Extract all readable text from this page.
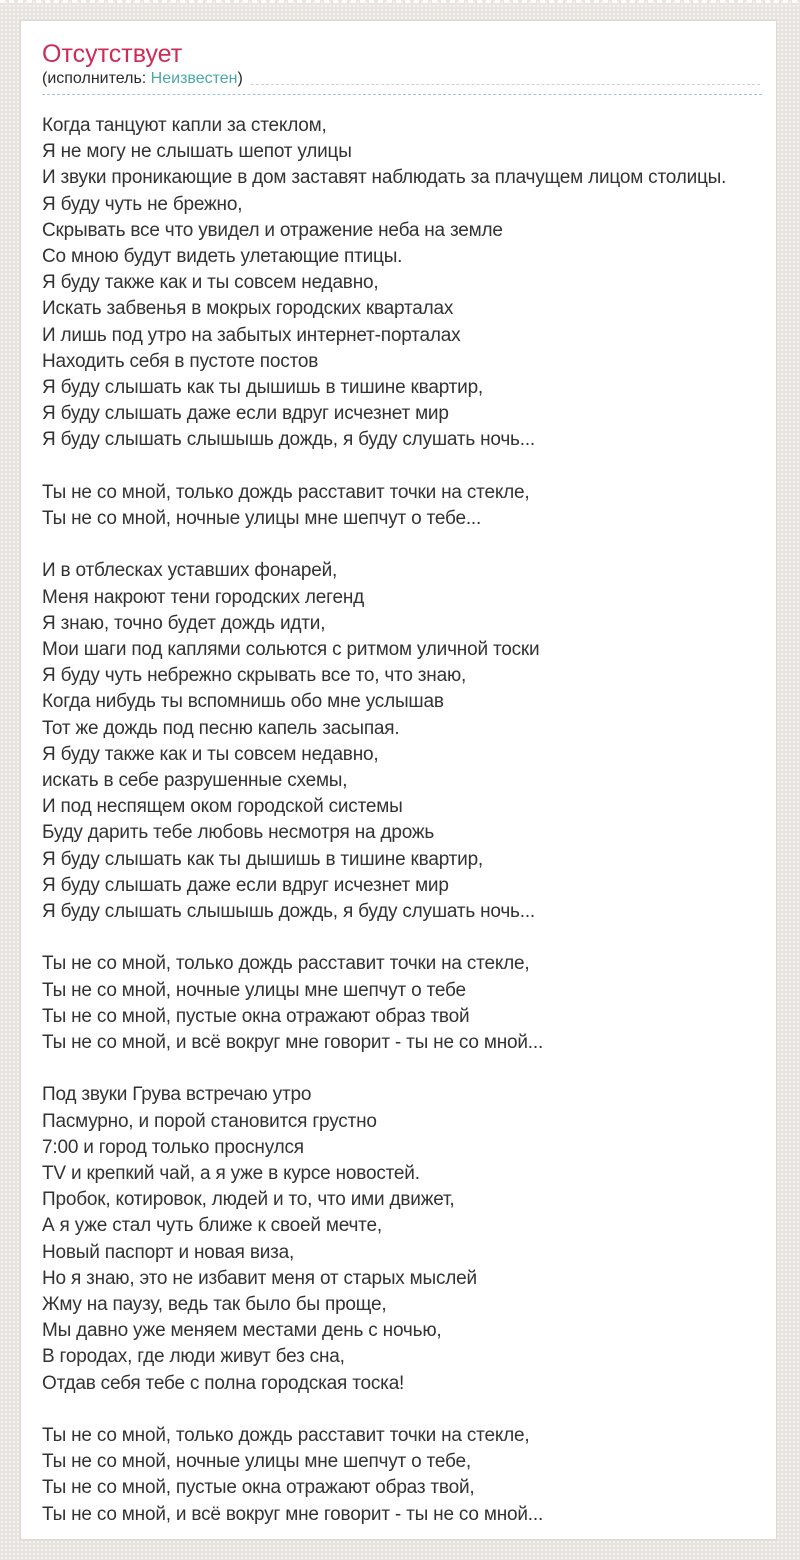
Отсутствует
(исполнитель: Неизвестен)
Когда танцуют капли за стеклом,
Я не могу не слышать шепот улицы
И звуки проникающие в дом заставят наблюдать за плачущем лицом столицы.
Я буду чуть не брежно,
Скрывать все что увидел и отражение неба на земле
Со мною будут видеть улетающие птицы.
Я буду также как и ты совсем недавно,
Искать забвенья в мокрых городских кварталах
И лишь под утро на забытых интернет-порталах
Находить себя в пустоте постов
Я буду слышать как ты дышишь в тишине квартир,
Я буду слышать даже если вдруг исчезнет мир
Я буду слышать слышышь дождь, я буду слушать ночь...
Ты не со мной, только дождь расставит точки на стекле,
Ты не со мной, ночные улицы мне шепчут о тебе...
И в отблесках уставших фонарей,
Меня накроют тени городских легенд
Я знаю, точно будет дождь идти,
Мои шаги под каплями сольются с ритмом уличной тоски
Я буду чуть небрежно скрывать все то, что знаю,
Когда нибудь ты вспомнишь обо мне услышав
Тот же дождь под песню капель засыпая.
Я буду также как и ты совсем недавно,
искать в себе разрушенные схемы,
И под неспящем оком городской системы
Буду дарить тебе любовь несмотря на дрожь
Я буду слышать как ты дышишь в тишине квартир,
Я буду слышать даже если вдруг исчезнет мир
Я буду слышать слышышь дождь, я буду слушать ночь...
Ты не со мной, только дождь расставит точки на стекле,
Ты не со мной, ночные улицы мне шепчут о тебе
Ты не со мной, пустые окна отражают образ твой
Ты не со мной, и всё вокруг мне говорит - ты не со мной...
Под звуки Грува встречаю утро
Пасмурно, и порой становится грустно
7:00 и город только проснулся
TV и крепкий чай, а я уже в курсе новостей.
Пробок, котировок, людей и то, что ими движет,
А я уже стал чуть ближе к своей мечте,
Новый паспорт и новая виза,
Но я знаю, это не избавит меня от старых мыслей
Жму на паузу, ведь так было бы проще,
Мы давно уже меняем местами день с ночью,
В городах, где люди живут без сна,
Отдав себя тебе с полна городская тоска!
Ты не со мной, только дождь расставит точки на стекле,
Ты не со мной, ночные улицы мне шепчут о тебе,
Ты не со мной, пустые окна отражают образ твой,
Ты не со мной, и всё вокруг мне говорит - ты не со мной...
